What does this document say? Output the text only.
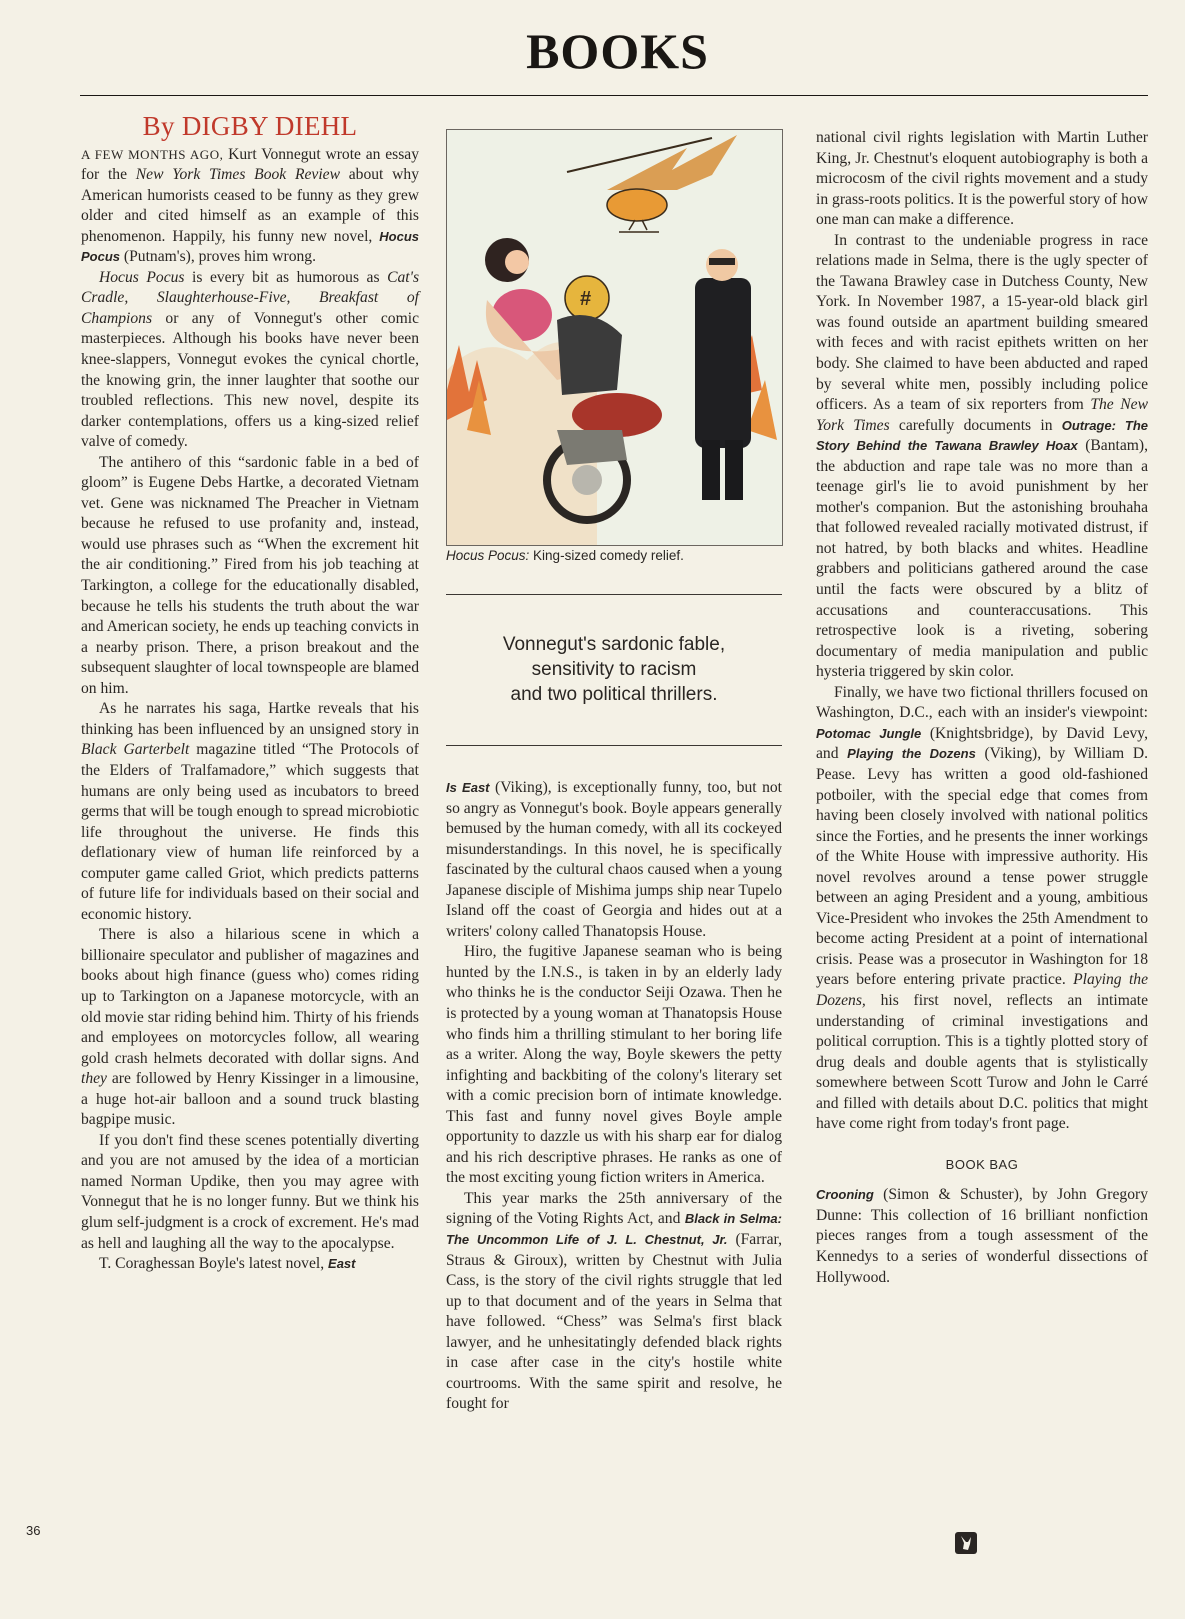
BOOKS
By DIGBY DIEHL

A FEW MONTHS AGO, Kurt Vonnegut wrote an essay for the New York Times Book Review about why American humorists ceased to be funny as they grew older and cited himself as an example of this phenomenon. Happily, his funny new novel, Hocus Pocus (Putnam's), proves him wrong.

Hocus Pocus is every bit as humorous as Cat's Cradle, Slaughterhouse-Five, Breakfast of Champions or any of Vonnegut's other comic masterpieces. Although his books have never been knee-slappers, Vonnegut evokes the cynical chortle, the knowing grin, the inner laughter that soothe our troubled reflections. This new novel, despite its darker contemplations, offers us a king-sized relief valve of comedy.

The antihero of this “sardonic fable in a bed of gloom” is Eugene Debs Hartke, a decorated Vietnam vet. Gene was nicknamed The Preacher in Vietnam because he refused to use profanity and, instead, would use phrases such as “When the excrement hit the air conditioning.” Fired from his job teaching at Tarkington, a college for the educationally disabled, because he tells his students the truth about the war and American society, he ends up teaching convicts in a nearby prison. There, a prison breakout and the subsequent slaughter of local townspeople are blamed on him.

As he narrates his saga, Hartke reveals that his thinking has been influenced by an unsigned story in Black Garterbelt magazine titled “The Protocols of the Elders of Tralfamadore,” which suggests that humans are only being used as incubators to breed germs that will be tough enough to spread microbiotic life throughout the universe. He finds this deflationary view of human life reinforced by a computer game called Griot, which predicts patterns of future life for individuals based on their social and economic history.

There is also a hilarious scene in which a billionaire speculator and publisher of magazines and books about high finance (guess who) comes riding up to Tarkington on a Japanese motorcycle, with an old movie star riding behind him. Thirty of his friends and employees on motorcycles follow, all wearing gold crash helmets decorated with dollar signs. And they are followed by Henry Kissinger in a limousine, a huge hot-air balloon and a sound truck blasting bagpipe music.

If you don't find these scenes potentially diverting and you are not amused by the idea of a mortician named Norman Updike, then you may agree with Vonnegut that he is no longer funny. But we think his glum self-judgment is a crock of excrement. He's mad as hell and laughing all the way to the apocalypse.

T. Coraghessan Boyle's latest novel, East

#
Hocus Pocus: King-sized comedy relief.
Vonnegut's sardonic fable,
sensitivity to racism
and two political thrillers.

Is East (Viking), is exceptionally funny, too, but not so angry as Vonnegut's book. Boyle appears generally bemused by the human comedy, with all its cockeyed misunderstandings. In this novel, he is specifically fascinated by the cultural chaos caused when a young Japanese disciple of Mishima jumps ship near Tupelo Island off the coast of Georgia and hides out at a writers' colony called Thanatopsis House.

Hiro, the fugitive Japanese seaman who is being hunted by the I.N.S., is taken in by an elderly lady who thinks he is the conductor Seiji Ozawa. Then he is protected by a young woman at Thanatopsis House who finds him a thrilling stimulant to her boring life as a writer. Along the way, Boyle skewers the petty infighting and backbiting of the colony's literary set with a comic precision born of intimate knowledge. This fast and funny novel gives Boyle ample opportunity to dazzle us with his sharp ear for dialog and his rich descriptive phrases. He ranks as one of the most exciting young fiction writers in America.

This year marks the 25th anniversary of the signing of the Voting Rights Act, and Black in Selma: The Uncommon Life of J. L. Chestnut, Jr. (Farrar, Straus & Giroux), written by Chestnut with Julia Cass, is the story of the civil rights struggle that led up to that document and of the years in Selma that have followed. “Chess” was Selma's first black lawyer, and he unhesitatingly defended black rights in case after case in the city's hostile white courtrooms. With the same spirit and resolve, he fought for

national civil rights legislation with Martin Luther King, Jr. Chestnut's eloquent autobiography is both a microcosm of the civil rights movement and a study in grass-roots politics. It is the powerful story of how one man can make a difference.

In contrast to the undeniable progress in race relations made in Selma, there is the ugly specter of the Tawana Brawley case in Dutchess County, New York. In November 1987, a 15-year-old black girl was found outside an apartment building smeared with feces and with racist epithets written on her body. She claimed to have been abducted and raped by several white men, possibly including police officers. As a team of six reporters from The New York Times carefully documents in Outrage: The Story Behind the Tawana Brawley Hoax (Bantam), the abduction and rape tale was no more than a teenage girl's lie to avoid punishment by her mother's companion. But the astonishing brouhaha that followed revealed racially motivated distrust, if not hatred, by both blacks and whites. Headline grabbers and politicians gathered around the case until the facts were obscured by a blitz of accusations and counteraccusations. This retrospective look is a riveting, sobering documentary of media manipulation and public hysteria triggered by skin color.

Finally, we have two fictional thrillers focused on Washington, D.C., each with an insider's viewpoint: Potomac Jungle (Knightsbridge), by David Levy, and Playing the Dozens (Viking), by William D. Pease. Levy has written a good old-fashioned potboiler, with the special edge that comes from having been closely involved with national politics since the Forties, and he presents the inner workings of the White House with impressive authority. His novel revolves around a tense power struggle between an aging President and a young, ambitious Vice-President who invokes the 25th Amendment to become acting President at a point of international crisis. Pease was a prosecutor in Washington for 18 years before entering private practice. Playing the Dozens, his first novel, reflects an intimate understanding of criminal investigations and political corruption. This is a tightly plotted story of drug deals and double agents that is stylistically somewhere between Scott Turow and John le Carré and filled with details about D.C. politics that might have come right from today's front page.

BOOK BAG

Crooning (Simon & Schuster), by John Gregory Dunne: This collection of 16 brilliant nonfiction pieces ranges from a tough assessment of the Kennedys to a series of wonderful dissections of Hollywood.

36
